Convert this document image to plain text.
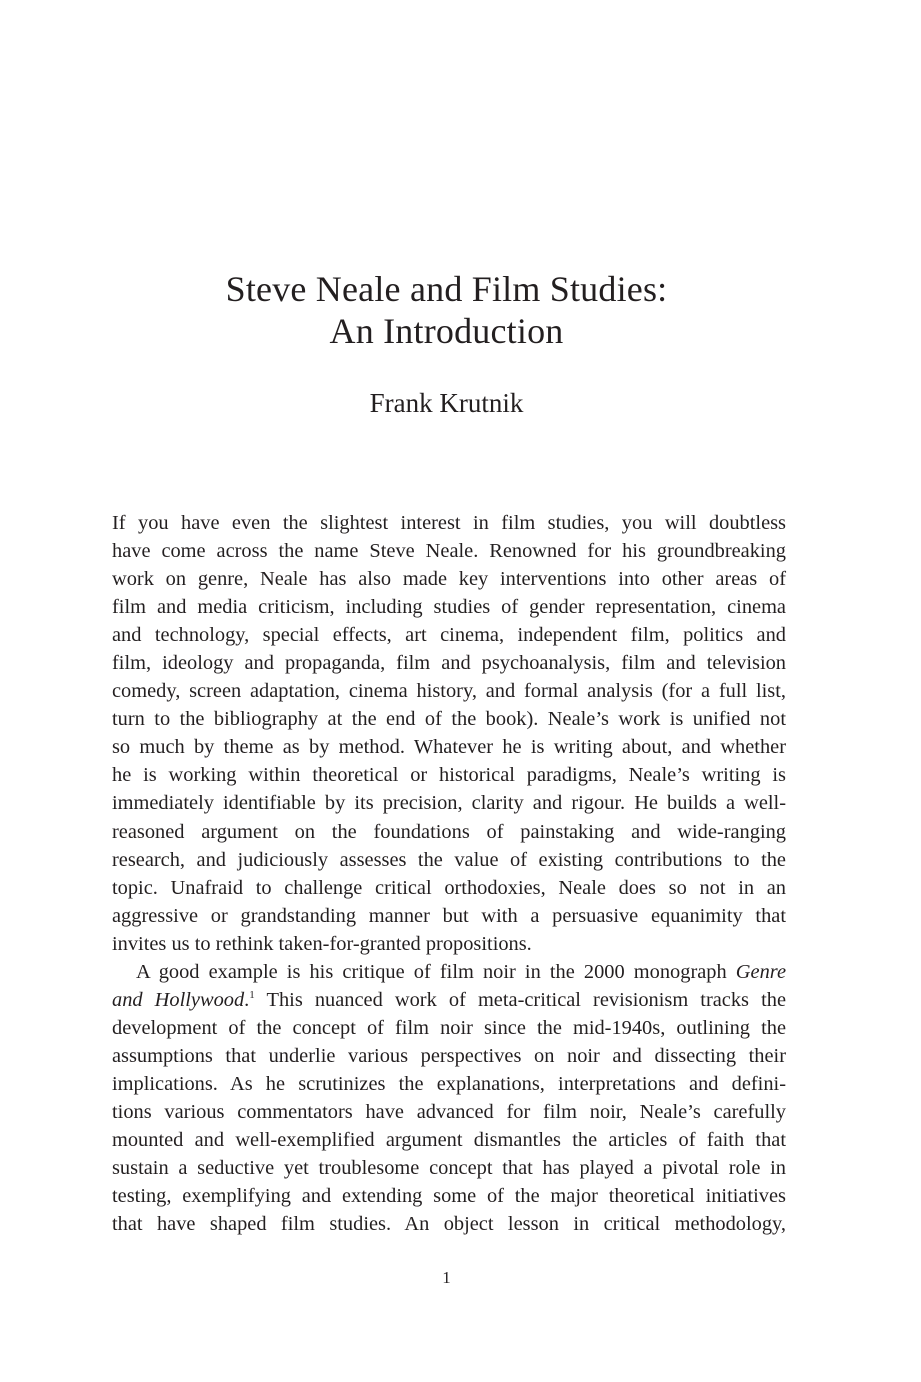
Steve Neale and Film Studies:
An Introduction
Frank Krutnik

If you have even the slightest interest in film studies, you will doubtless
have come across the name Steve Neale. Renowned for his groundbreaking
work on genre, Neale has also made key interventions into other areas of
film and media criticism, including studies of gender representation, cinema
and technology, special effects, art cinema, independent film, politics and
film, ideology and propaganda, film and psychoanalysis, film and television
comedy, screen adaptation, cinema history, and formal analysis (for a full list,
turn to the bibliography at the end of the book). Neale’s work is unified not
so much by theme as by method. Whatever he is writing about, and whether
he is working within theoretical or historical paradigms, Neale’s writing is
immediately identifiable by its precision, clarity and rigour. He builds a well-
reasoned argument on the foundations of painstaking and wide-ranging
research, and judiciously assesses the value of existing contributions to the
topic. Unafraid to challenge critical orthodoxies, Neale does so not in an
aggressive or grandstanding manner but with a persuasive equanimity that
invites us to rethink taken-for-granted propositions.

A good example is his critique of film noir in the 2000 monograph Genre
and Hollywood.$^1$ This nuanced work of meta-critical revisionism tracks the
development of the concept of film noir since the mid-1940s, outlining the
assumptions that underlie various perspectives on noir and dissecting their
implications. As he scrutinizes the explanations, interpretations and defini-
tions various commentators have advanced for film noir, Neale’s carefully
mounted and well-exemplified argument dismantles the articles of faith that
sustain a seductive yet troublesome concept that has played a pivotal role in
testing, exemplifying and extending some of the major theoretical initiatives
that have shaped film studies. An object lesson in critical methodology,

1
